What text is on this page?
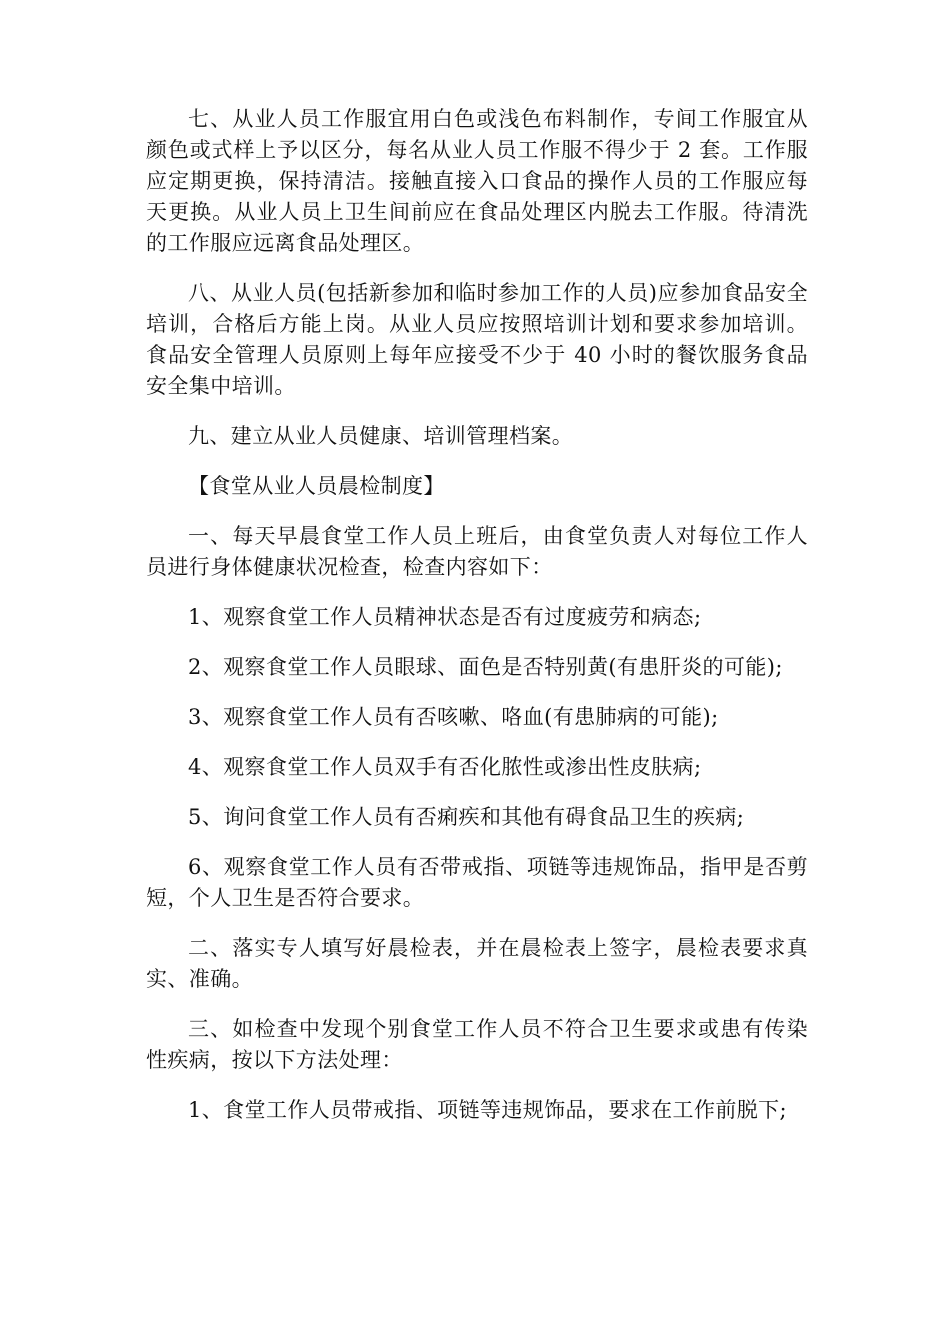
七、从业人员工作服宜用白色或浅色布料制作，专间工作服宜从颜色或式样上予以区分，每名从业人员工作服不得少于 2 套。工作服应定期更换，保持清洁。接触直接入口食品的操作人员的工作服应每天更换。从业人员上卫生间前应在食品处理区内脱去工作服。待清洗的工作服应远离食品处理区。

八、从业人员(包括新参加和临时参加工作的人员)应参加食品安全培训，合格后方能上岗。从业人员应按照培训计划和要求参加培训。食品安全管理人员原则上每年应接受不少于 40 小时的餐饮服务食品安全集中培训。

九、建立从业人员健康、培训管理档案。

【食堂从业人员晨检制度】

一、每天早晨食堂工作人员上班后，由食堂负责人对每位工作人员进行身体健康状况检查，检查内容如下：

1、观察食堂工作人员精神状态是否有过度疲劳和病态;

2、观察食堂工作人员眼球、面色是否特别黄(有患肝炎的可能);

3、观察食堂工作人员有否咳嗽、咯血(有患肺病的可能);

4、观察食堂工作人员双手有否化脓性或渗出性皮肤病;

5、询问食堂工作人员有否痢疾和其他有碍食品卫生的疾病;

6、观察食堂工作人员有否带戒指、项链等违规饰品，指甲是否剪短，个人卫生是否符合要求。

二、落实专人填写好晨检表，并在晨检表上签字，晨检表要求真实、准确。

三、如检查中发现个别食堂工作人员不符合卫生要求或患有传染性疾病，按以下方法处理：

1、食堂工作人员带戒指、项链等违规饰品，要求在工作前脱下;
